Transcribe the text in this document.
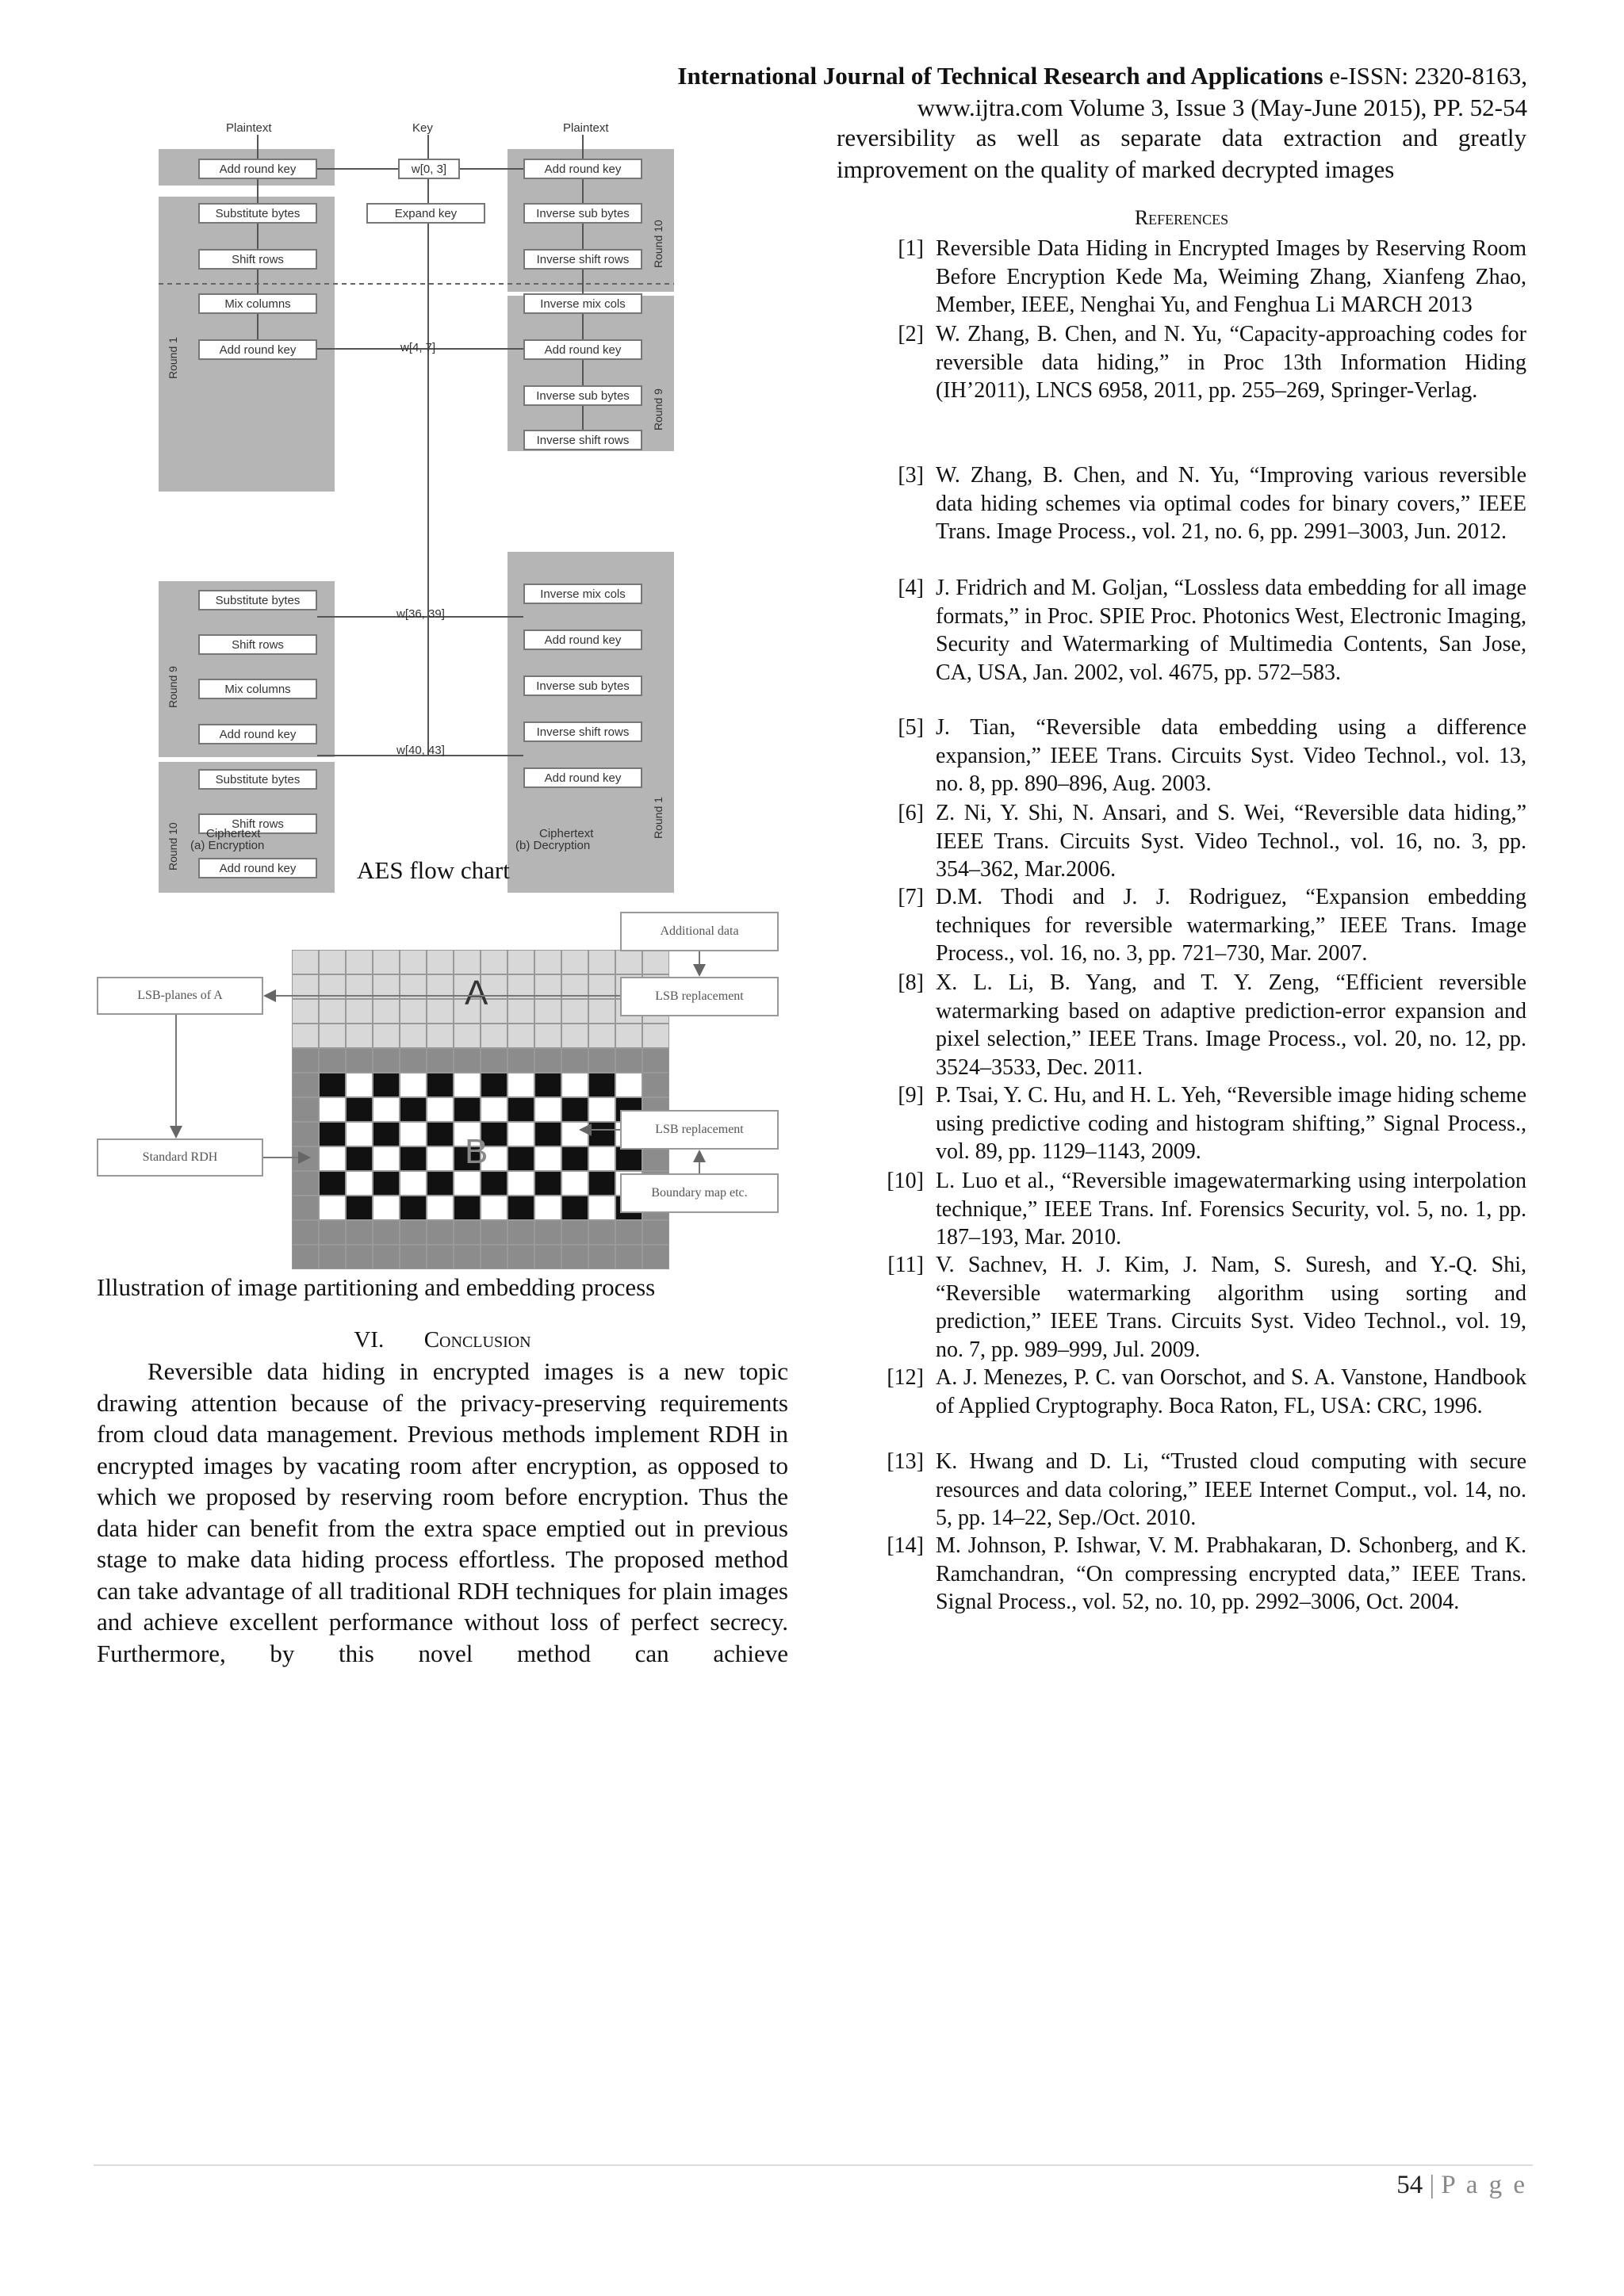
International Journal of Technical Research and Applications e-ISSN: 2320-8163,
www.ijtra.com Volume 3, Issue 3 (May-June 2015), PP. 52-54
reversibility as well as separate data extraction and greatly improvement on the quality of marked decrypted images
References
[1] Reversible Data Hiding in Encrypted Images by Reserving Room Before Encryption Kede Ma, Weiming Zhang, Xianfeng Zhao, Member, IEEE, Nenghai Yu, and Fenghua Li MARCH 2013
[2] W. Zhang, B. Chen, and N. Yu, “Capacity-approaching codes for reversible data hiding,” in Proc 13th Information Hiding (IH’2011), LNCS 6958, 2011, pp. 255–269, Springer-Verlag.
[3] W. Zhang, B. Chen, and N. Yu, “Improving various reversible data hiding schemes via optimal codes for binary covers,” IEEE Trans. Image Process., vol. 21, no. 6, pp. 2991–3003, Jun. 2012.
[4] J. Fridrich and M. Goljan, “Lossless data embedding for all image formats,” in Proc. SPIE Proc. Photonics West, Electronic Imaging, Security and Watermarking of Multimedia Contents, San Jose, CA, USA, Jan. 2002, vol. 4675, pp. 572–583.
[5] J. Tian, “Reversible data embedding using a difference expansion,” IEEE Trans. Circuits Syst. Video Technol., vol. 13, no. 8, pp. 890–896, Aug. 2003.
[6] Z. Ni, Y. Shi, N. Ansari, and S. Wei, “Reversible data hiding,” IEEE Trans. Circuits Syst. Video Technol., vol. 16, no. 3, pp. 354–362, Mar.2006.
[7] D.M. Thodi and J. J. Rodriguez, “Expansion embedding techniques for reversible watermarking,” IEEE Trans. Image Process., vol. 16, no. 3, pp. 721–730, Mar. 2007.
[8] X. L. Li, B. Yang, and T. Y. Zeng, “Efficient reversible watermarking based on adaptive prediction-error expansion and pixel selection,” IEEE Trans. Image Process., vol. 20, no. 12, pp. 3524–3533, Dec. 2011.
[9] P. Tsai, Y. C. Hu, and H. L. Yeh, “Reversible image hiding scheme using predictive coding and histogram shifting,” Signal Process., vol. 89, pp. 1129–1143, 2009.
[10] L. Luo et al., “Reversible imagewatermarking using interpolation technique,” IEEE Trans. Inf. Forensics Security, vol. 5, no. 1, pp. 187–193, Mar. 2010.
[11] V. Sachnev, H. J. Kim, J. Nam, S. Suresh, and Y.-Q. Shi, “Reversible watermarking algorithm using sorting and prediction,” IEEE Trans. Circuits Syst. Video Technol., vol. 19, no. 7, pp. 989–999, Jul. 2009.
[12] A. J. Menezes, P. C. van Oorschot, and S. A. Vanstone, Handbook of Applied Cryptography. Boca Raton, FL, USA: CRC, 1996.
[13] K. Hwang and D. Li, “Trusted cloud computing with secure resources and data coloring,” IEEE Internet Comput., vol. 14, no. 5, pp. 14–22, Sep./Oct. 2010.
[14] M. Johnson, P. Ishwar, V. M. Prabhakaran, D. Schonberg, and K. Ramchandran, “On compressing encrypted data,” IEEE Trans. Signal Process., vol. 52, no. 10, pp. 2992–3006, Oct. 2004.
Plaintext	Key	Plaintext
Add round key
Substitute bytes
Shift rows
Mix columns
Add round key
Substitute bytes
Shift rows
Mix columns
Add round key
Substitute bytes
Shift rows
Add round key
w[0, 3]
Expand key
w[4, 7]
w[36, 39]
w[40, 43]
Add round key
Inverse sub bytes
Inverse shift rows
Inverse mix cols
Add round key
Inverse sub bytes
Inverse shift rows
Inverse mix cols
Add round key
Inverse sub bytes
Inverse shift rows
Add round key
Round 1
Round 9
Round 10
Round 10
Round 9
Round 1
Ciphertext	Ciphertext
(a) Encryption	(b) Decryption
AES flow chart
A
B
LSB-planes of A
Standard RDH
Additional data
LSB replacement
LSB replacement
Boundary map etc.
Illustration of image partitioning and embedding process
VI. Conclusion
Reversible data hiding in encrypted images is a new topic drawing attention because of the privacy-preserving requirements from cloud data management. Previous methods implement RDH in encrypted images by vacating room after encryption, as opposed to which we proposed by reserving room before encryption. Thus the data hider can benefit from the extra space emptied out in previous stage to make data hiding process effortless. The proposed method can take advantage of all traditional RDH techniques for plain images and achieve excellent performance without loss of perfect secrecy. Furthermore, by this novel method can achieve
54 | P a g e
